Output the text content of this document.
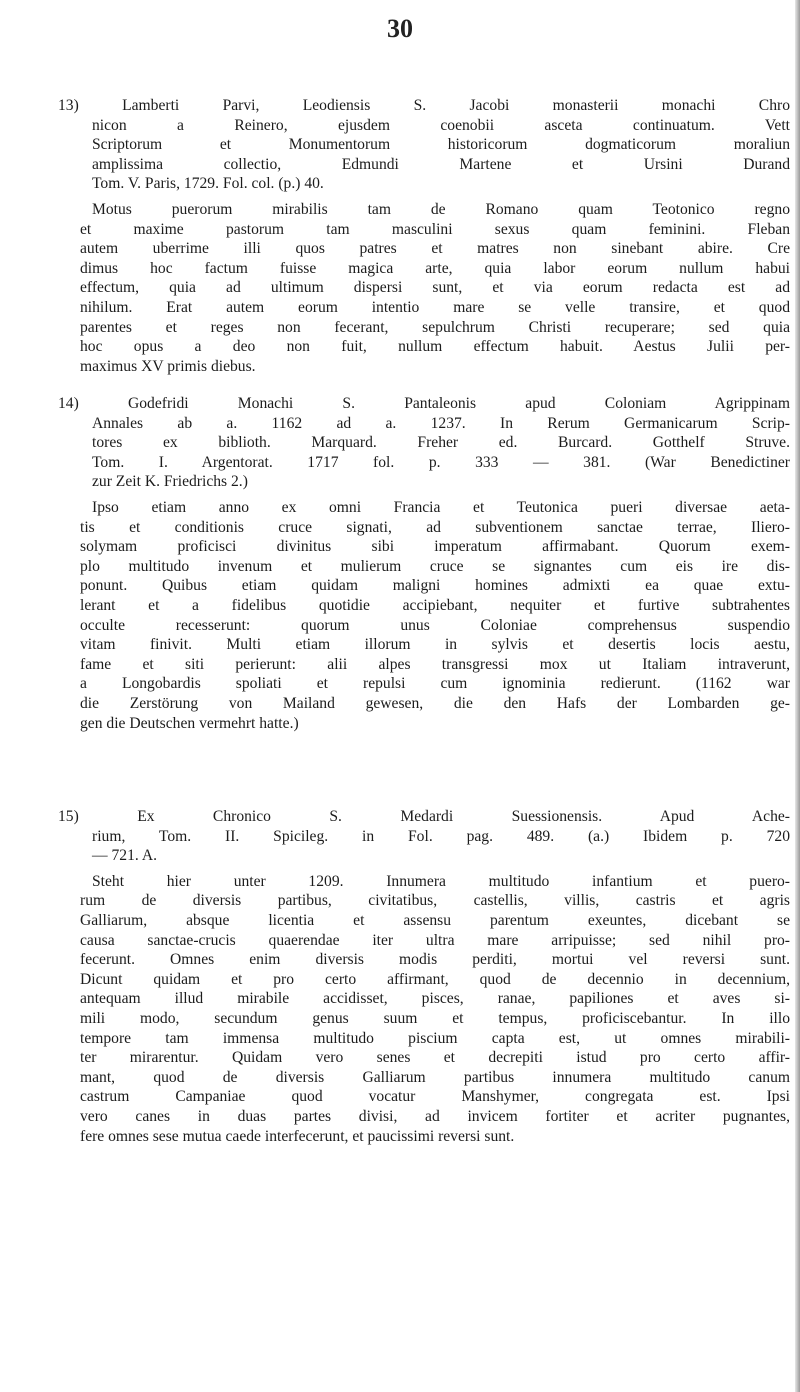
30
13) Lamberti Parvi, Leodiensis S. Jacobi monasterii monachi Chro
nicon a Reinero, ejusdem coenobii asceta continuatum. Vett
Scriptorum et Monumentorum historicorum dogmaticorum moraliun
amplissima collectio, Edmundi Martene et Ursini Durand
Tom. V. Paris, 1729. Fol. col. (p.) 40.
Motus puerorum mirabilis tam de Romano quam Teotonico regno
et maxime pastorum tam masculini sexus quam feminini. Fleban
autem uberrime illi quos patres et matres non sinebant abire. Cre
dimus hoc factum fuisse magica arte, quia labor eorum nullum habui
effectum, quia ad ultimum dispersi sunt, et via eorum redacta est ad
nihilum. Erat autem eorum intentio mare se velle transire, et quod
parentes et reges non fecerant, sepulchrum Christi recuperare; sed quia
hoc opus a deo non fuit, nullum effectum habuit. Aestus Julii per-
maximus XV primis diebus.
14) Godefridi Monachi S. Pantaleonis apud Coloniam Agrippinam
Annales ab a. 1162 ad a. 1237. In Rerum Germanicarum Scrip-
tores ex biblioth. Marquard. Freher ed. Burcard. Gotthelf Struve.
Tom. I. Argentorat. 1717 fol. p. 333 — 381. (War Benedictiner
zur Zeit K. Friedrichs 2.)
Ipso etiam anno ex omni Francia et Teutonica pueri diversae aeta-
tis et conditionis cruce signati, ad subventionem sanctae terrae, Iliero-
solymam proficisci divinitus sibi imperatum affirmabant. Quorum exem-
plo multitudo invenum et mulierum cruce se signantes cum eis ire dis-
ponunt. Quibus etiam quidam maligni homines admixti ea quae extu-
lerant et a fidelibus quotidie accipiebant, nequiter et furtive subtrahentes
occulte recesserunt: quorum unus Coloniae comprehensus suspendio
vitam finivit. Multi etiam illorum in sylvis et desertis locis aestu,
fame et siti perierunt: alii alpes transgressi mox ut Italiam intraverunt,
a Longobardis spoliati et repulsi cum ignominia redierunt. (1162 war
die Zerstörung von Mailand gewesen, die den Hafs der Lombarden ge-
gen die Deutschen vermehrt hatte.)
15) Ex Chronico S. Medardi Suessionensis. Apud Ache-
rium, Tom. II. Spicileg. in Fol. pag. 489. (a.) Ibidem p. 720
— 721. A.
Steht hier unter 1209. Innumera multitudo infantium et puero-
rum de diversis partibus, civitatibus, castellis, villis, castris et agris
Galliarum, absque licentia et assensu parentum exeuntes, dicebant se
causa sanctae-crucis quaerendae iter ultra mare arripuisse; sed nihil pro-
fecerunt. Omnes enim diversis modis perditi, mortui vel reversi sunt.
Dicunt quidam et pro certo affirmant, quod de decennio in decennium,
antequam illud mirabile accidisset, pisces, ranae, papiliones et aves si-
mili modo, secundum genus suum et tempus, proficiscebantur. In illo
tempore tam immensa multitudo piscium capta est, ut omnes mirabili-
ter mirarentur. Quidam vero senes et decrepiti istud pro certo affir-
mant, quod de diversis Galliarum partibus innumera multitudo canum
castrum Campaniae quod vocatur Manshymer, congregata est. Ipsi
vero canes in duas partes divisi, ad invicem fortiter et acriter pugnantes,
fere omnes sese mutua caede interfecerunt, et paucissimi reversi sunt.
